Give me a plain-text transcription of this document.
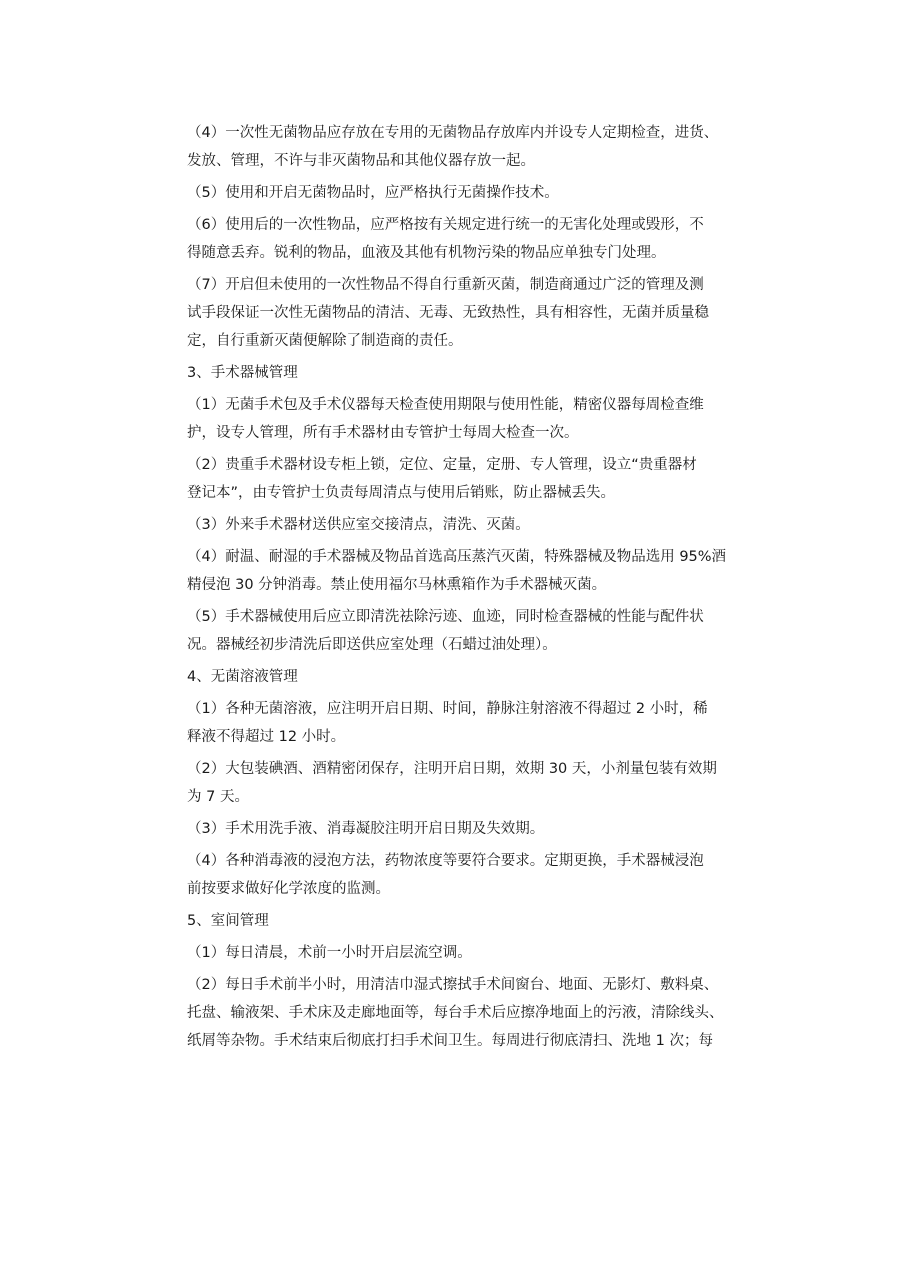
（4）一次性无菌物品应存放在专用的无菌物品存放库内并设专人定期检查，进货、

发放、管理，不许与非灭菌物品和其他仪器存放一起。

（5）使用和开启无菌物品时，应严格执行无菌操作技术。

（6）使用后的一次性物品，应严格按有关规定进行统一的无害化处理或毁形，不

得随意丢弃。锐利的物品，血液及其他有机物污染的物品应单独专门处理。

（7）开启但未使用的一次性物品不得自行重新灭菌，制造商通过广泛的管理及测

试手段保证一次性无菌物品的清洁、无毒、无致热性，具有相容性，无菌并质量稳

定，自行重新灭菌便解除了制造商的责任。

3、手术器械管理

（1）无菌手术包及手术仪器每天检查使用期限与使用性能，精密仪器每周检查维

护，设专人管理，所有手术器材由专管护士每周大检查一次。

（2）贵重手术器材设专柜上锁，定位、定量，定册、专人管理，设立“贵重器材

登记本”，由专管护士负责每周清点与使用后销账，防止器械丢失。

（3）外来手术器材送供应室交接清点，清洗、灭菌。

（4）耐温、耐湿的手术器械及物品首选高压蒸汽灭菌，特殊器械及物品选用 95%酒

精侵泡 30 分钟消毒。禁止使用福尔马林熏箱作为手术器械灭菌。

（5）手术器械使用后应立即清洗祛除污迹、血迹，同时检查器械的性能与配件状

况。器械经初步清洗后即送供应室处理（石蜡过油处理）。

4、无菌溶液管理

（1）各种无菌溶液，应注明开启日期、时间，静脉注射溶液不得超过 2 小时，稀

释液不得超过 12 小时。

（2）大包装碘酒、酒精密闭保存，注明开启日期，效期 30 天，小剂量包装有效期

为 7 天。

（3）手术用洗手液、消毒凝胶注明开启日期及失效期。

（4）各种消毒液的浸泡方法，药物浓度等要符合要求。定期更换，手术器械浸泡

前按要求做好化学浓度的监测。

5、室间管理

（1）每日清晨，术前一小时开启层流空调。

（2）每日手术前半小时，用清洁巾湿式擦拭手术间窗台、地面、无影灯、敷料桌、

托盘、输液架、手术床及走廊地面等，每台手术后应擦净地面上的污液，清除线头、

纸屑等杂物。手术结束后彻底打扫手术间卫生。每周进行彻底清扫、洗地 1 次；每
